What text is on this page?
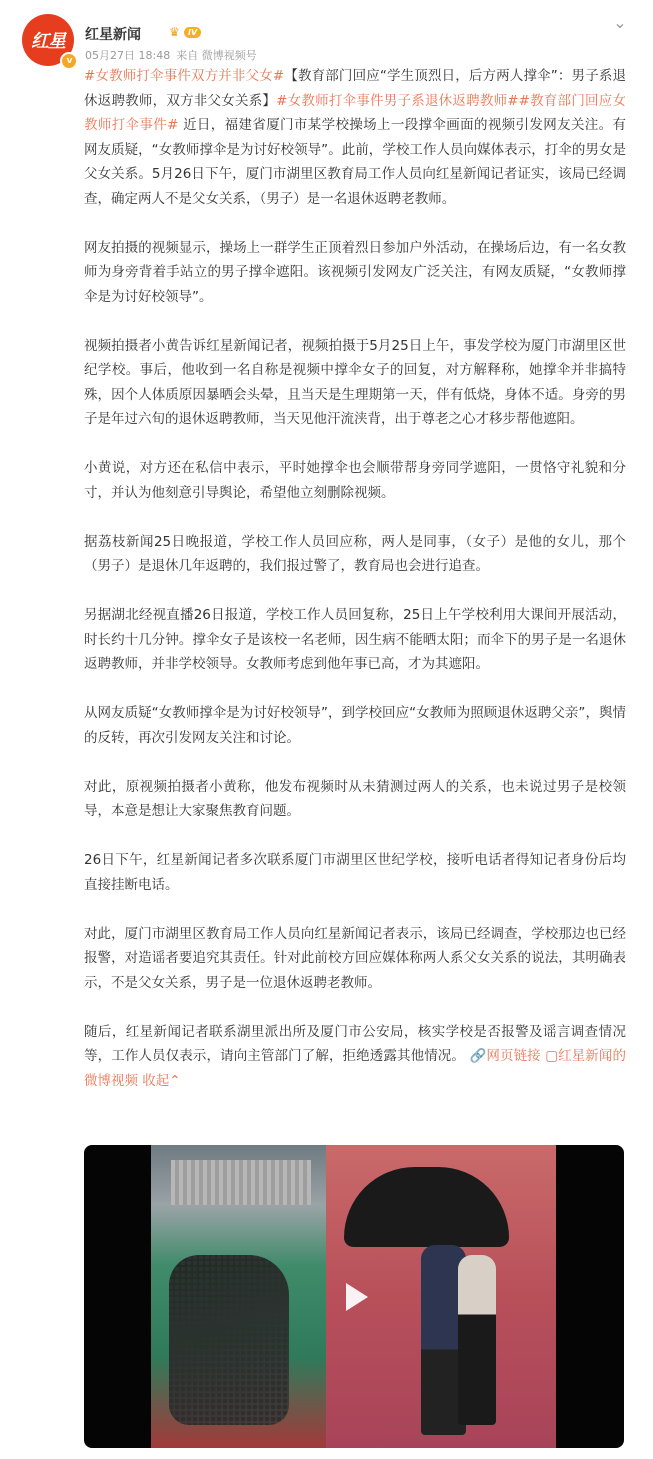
红星
v
红星新闻 ♛	IV
05月27日 18:48 来自 微博视频号
⌄

#女教师打伞事件双方并非父女#【教育部门回应“学生顶烈日，后方两人撑伞”：男子系退休返聘教师，双方非父女关系】#女教师打伞事件男子系退休返聘教师##教育部门回应女教师打伞事件# 近日，福建省厦门市某学校操场上一段撑伞画面的视频引发网友关注。有网友质疑，“女教师撑伞是为讨好校领导”。此前，学校工作人员向媒体表示，打伞的男女是父女关系。5月26日下午，厦门市湖里区教育局工作人员向红星新闻记者证实，该局已经调查，确定两人不是父女关系，（男子）是一名退休返聘老教师。

网友拍摄的视频显示，操场上一群学生正顶着烈日参加户外活动，在操场后边，有一名女教师为身旁背着手站立的男子撑伞遮阳。该视频引发网友广泛关注，有网友质疑，“女教师撑伞是为讨好校领导”。

视频拍摄者小黄告诉红星新闻记者，视频拍摄于5月25日上午，事发学校为厦门市湖里区世纪学校。事后，他收到一名自称是视频中撑伞女子的回复，对方解释称，她撑伞并非搞特殊，因个人体质原因暴晒会头晕，且当天是生理期第一天，伴有低烧，身体不适。身旁的男子是年过六旬的退休返聘教师，当天见他汗流浃背，出于尊老之心才移步帮他遮阳。

小黄说，对方还在私信中表示，平时她撑伞也会顺带帮身旁同学遮阳，一贯恪守礼貌和分寸，并认为他刻意引导舆论，希望他立刻删除视频。

据荔枝新闻25日晚报道，学校工作人员回应称，两人是同事，（女子）是他的女儿，那个（男子）是退休几年返聘的，我们报过警了，教育局也会进行追查。

另据湖北经视直播26日报道，学校工作人员回复称，25日上午学校利用大课间开展活动，时长约十几分钟。撑伞女子是该校一名老师，因生病不能晒太阳；而伞下的男子是一名退休返聘教师，并非学校领导。女教师考虑到他年事已高，才为其遮阳。

从网友质疑“女教师撑伞是为讨好校领导”，到学校回应“女教师为照顾退休返聘父亲”，舆情的反转，再次引发网友关注和讨论。

对此，原视频拍摄者小黄称，他发布视频时从未猜测过两人的关系，也未说过男子是校领导，本意是想让大家聚焦教育问题。

26日下午，红星新闻记者多次联系厦门市湖里区世纪学校，接听电话者得知记者身份后均直接挂断电话。

对此，厦门市湖里区教育局工作人员向红星新闻记者表示，该局已经调查，学校那边也已经报警，对造谣者要追究其责任。针对此前校方回应媒体称两人系父女关系的说法，其明确表示，不是父女关系，男子是一位退休返聘老教师。

随后，红星新闻记者联系湖里派出所及厦门市公安局，核实学校是否报警及谣言调查情况等，工作人员仅表示，请向主管部门了解，拒绝透露其他情况。 🔗网页链接 ▢红星新闻的微博视频 收起⌃
